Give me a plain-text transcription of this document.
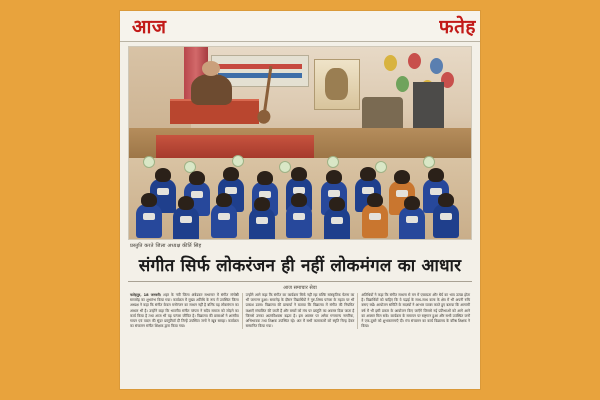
आज	फतेह
प्रस्तुति करते जिला अध्यक्ष कीर्ति सिंह
संगीत सिर्फ लोकरंजन ही नहीं लोकमंगल का आधार
आज समाचार सेवा

फतेहपुर, 18 जनवरी। शहर के नवीं जिला अंबेडकर सभागार में संगीत संगोष्ठी समारोह का शुभारंभ किया गया। कार्यक्रम में मुख्य अतिथि के रूप में उपस्थित जिला अध्यक्ष ने कहा कि संगीत केवल मनोरंजन का साधन नहीं है बल्कि यह लोकमंगल का आधार भी है। उन्होंने कहा कि भारतीय संगीत परंपरा ने सदैव समाज को जोड़ने का कार्य किया है तथा आज भी यह परंपरा जीवित है। विद्यालय की छात्राओं ने शास्त्रीय गायन एवं वादन की सुंदर प्रस्तुतियाँ दीं जिन्हें उपस्थित जनों ने खूब सराहा। कार्यक्रम का संचालन संगीत शिक्षक द्वारा किया गया।

उन्होंने आगे कहा कि संगीत का कार्यक्रम सिर्फ नहीं रहा बल्कि सांस्कृतिक चेतना का भी जागरण हुआ। समारोह के दौरान विद्यार्थियों ने गुरु-शिष्य परंपरा के महत्व पर भी प्रकाश डाला। विद्यालय की प्राचार्या ने बताया कि विद्यालय में संगीत की नियमित कक्षाएँ संचालित की जाती हैं और बच्चों को मंच पर प्रस्तुति का अवसर दिया जाता है जिससे उनका आत्मविश्वास बढ़ता है। इस अवसर पर अनेक गणमान्य नागरिक, अभिभावक तथा शिक्षक उपस्थित रहे। अंत में सभी कलाकारों को स्मृति चिन्ह देकर सम्मानित किया गया।

अतिथियों ने कहा कि संगीत साधना से मन में एकाग्रता और धैर्य का भाव उत्पन्न होता है। विद्यार्थियों को चाहिए कि वे पढ़ाई के साथ-साथ कला के क्षेत्र में भी अपनी रुचि बनाए रखें। आयोजन समिति के सदस्यों ने आभार व्यक्त करते हुए बताया कि आगामी वर्ष में भी इसी प्रकार के आयोजन किए जाएँगे जिससे नई प्रतिभाओं को आगे आने का अवसर मिल सके। कार्यक्रम के समापन पर राष्ट्रगान हुआ और सभी उपस्थित जनों ने एक-दूसरे को शुभकामनाएँ दीं। मंच संचालन का कार्य विद्यालय के वरिष्ठ शिक्षक ने किया।
